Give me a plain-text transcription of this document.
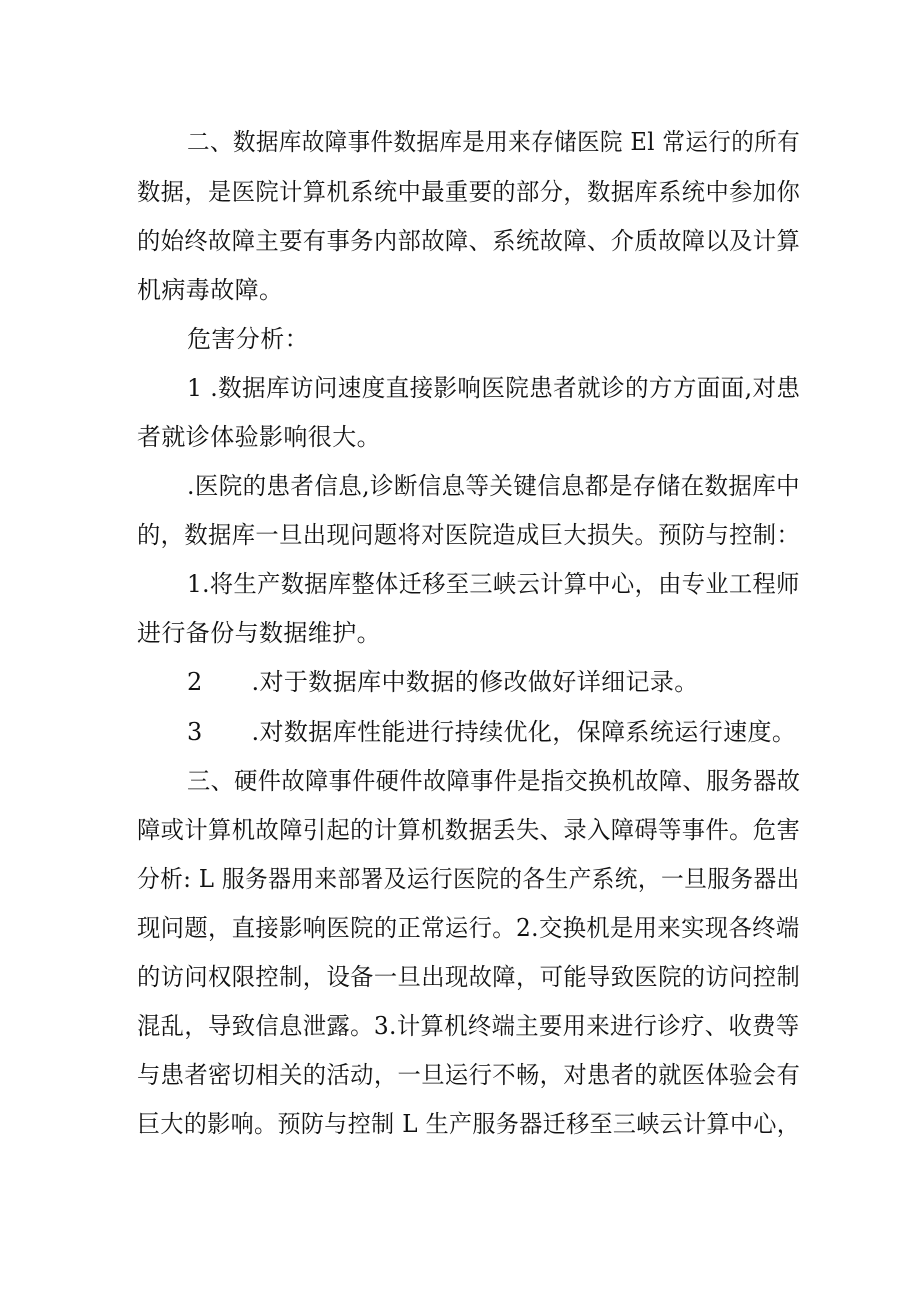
二、数据库故障事件数据库是用来存储医院 El 常运行的所有
数据，是医院计算机系统中最重要的部分，数据库系统中参加你
的始终故障主要有事务内部故障、系统故障、介质故障以及计算
机病毒故障。
危害分析：
1 .数据库访问速度直接影响医院患者就诊的方方面面,对患
者就诊体验影响很大。
.医院的患者信息,诊断信息等关键信息都是存储在数据库中
的，数据库一旦出现问题将对医院造成巨大损失。预防与控制：
1.将生产数据库整体迁移至三峡云计算中心，由专业工程师
进行备份与数据维护。
2　　.对于数据库中数据的修改做好详细记录。
3　　.对数据库性能进行持续优化，保障系统运行速度。
三、硬件故障事件硬件故障事件是指交换机故障、服务器故
障或计算机故障引起的计算机数据丢失、录入障碍等事件。危害
分析: L 服务器用来部署及运行医院的各生产系统，一旦服务器出
现问题，直接影响医院的正常运行。2.交换机是用来实现各终端
的访问权限控制，设备一旦出现故障，可能导致医院的访问控制
混乱，导致信息泄露。3.计算机终端主要用来进行诊疗、收费等
与患者密切相关的活动，一旦运行不畅，对患者的就医体验会有
巨大的影响。预防与控制 L 生产服务器迁移至三峡云计算中心，
